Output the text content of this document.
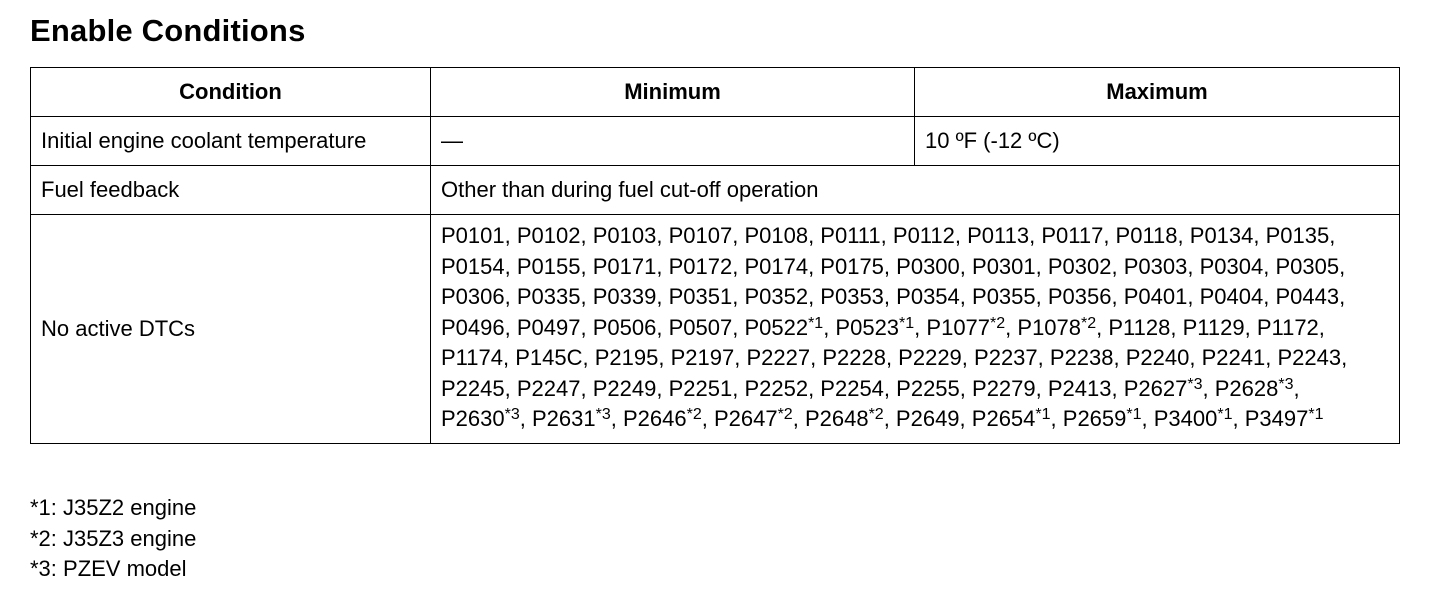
Enable Conditions
Condition	Minimum	Maximum
Initial engine coolant temperature	—	10 ºF (-12 ºC)
Fuel feedback	Other than during fuel cut-off operation	
No active DTCs	P0101, P0102, P0103, P0107, P0108, P0111, P0112, P0113, P0117, P0118, P0134, P0135, P0154, P0155, P0171, P0172, P0174, P0175, P0300, P0301, P0302, P0303, P0304, P0305, P0306, P0335, P0339, P0351, P0352, P0353, P0354, P0355, P0356, P0401, P0404, P0443, P0496, P0497, P0506, P0507, P0522$^{*1}$, P0523$^{*1}$, P1077$^{*2}$, P1078$^{*2}$, P1128, P1129, P1172, P1174, P145C, P2195, P2197, P2227, P2228, P2229, P2237, P2238, P2240, P2241, P2243, P2245, P2247, P2249, P2251, P2252, P2254, P2255, P2279, P2413, P2627$^{*3}$, P2628$^{*3}$, P2630$^{*3}$, P2631$^{*3}$, P2646$^{*2}$, P2647$^{*2}$, P2648$^{*2}$, P2649, P2654$^{*1}$, P2659$^{*1}$, P3400$^{*1}$, P3497$^{*1}$
*1: J35Z2 engine
*2: J35Z3 engine
*3: PZEV model
